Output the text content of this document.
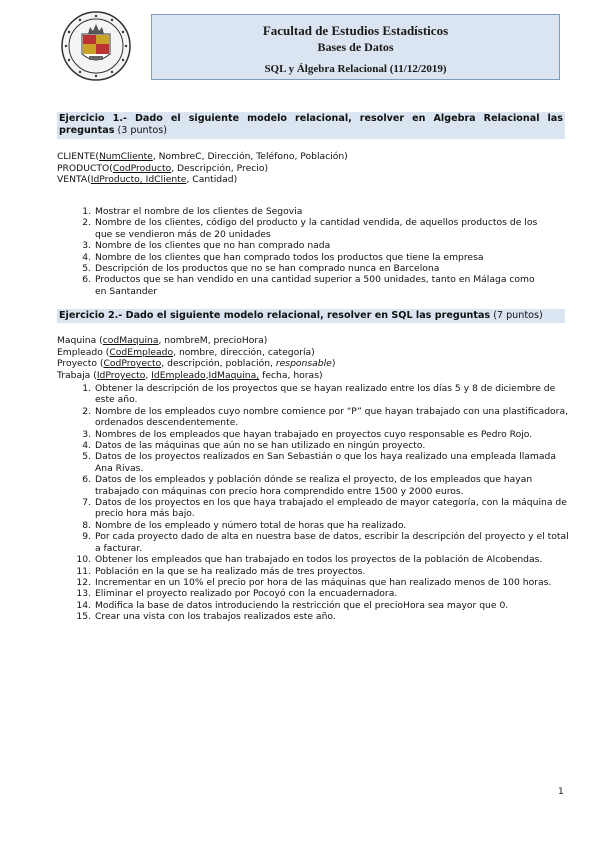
Facultad de Estudios Estadísticos
Bases de Datos
SQL y Álgebra Relacional (11/12/2019)
Ejercicio 1.- Dado el siguiente modelo relacional, resolver en Algebra Relacional las preguntas (3 puntos)
CLIENTE(NumCliente, NombreC, Dirección, Teléfono, Población)
PRODUCTO(CodProducto, Descripción, Precio)
VENTA(IdProducto, IdCliente, Cantidad)
1. Mostrar el nombre de los clientes de Segovia
2. Nombre de los clientes, código del producto y la cantidad vendida, de aquellos productos de los que se vendieron más de 20 unidades
3. Nombre de los clientes que no han comprado nada
4. Nombre de los clientes que han comprado todos los productos que tiene la empresa
5. Descripción de los productos que no se han comprado nunca en Barcelona
6. Productos que se han vendido en una cantidad superior a 500 unidades, tanto en Málaga como en Santander
Ejercicio 2.- Dado el siguiente modelo relacional, resolver en SQL las preguntas (7 puntos)
Maquina (codMaquina, nombreM, precioHora)
Empleado (CodEmpleado, nombre, dirección, categoría)
Proyecto (CodProyecto, descripción, población, responsable)
Trabaja (IdProyecto, IdEmpleado,IdMaquina, fecha, horas)
1. Obtener la descripción de los proyectos que se hayan realizado entre los días 5 y 8 de diciembre de este año.
2. Nombre de los empleados cuyo nombre comience por “P” que hayan trabajado con una plastificadora, ordenados descendentemente.
3. Nombres de los empleados que hayan trabajado en proyectos cuyo responsable es Pedro Rojo.
4. Datos de las máquinas que aún no se han utilizado en ningún proyecto.
5. Datos de los proyectos realizados en San Sebastián o que los haya realizado una empleada llamada Ana Rivas.
6. Datos de los empleados y población dónde se realiza el proyecto, de los empleados que hayan trabajado con máquinas con precio hora comprendido entre 1500 y 2000 euros.
7. Datos de los proyectos en los que haya trabajado el empleado de mayor categoría, con la máquina de precio hora más bajo.
8. Nombre de los empleado y número total de horas que ha realizado.
9. Por cada proyecto dado de alta en nuestra base de datos, escribir la descripción del proyecto y el total a facturar.
10. Obtener los empleados que han trabajado en todos los proyectos de la población de Alcobendas.
11. Población en la que se ha realizado más de tres proyectos.
12. Incrementar en un 10% el precio por hora de las máquinas que han realizado menos de 100 horas.
13. Eliminar el proyecto realizado por Pocoyó con la encuadernadora.
14. Modifica la base de datos introduciendo la restricción que el precioHora sea mayor que 0.
15. Crear una vista con los trabajos realizados este año.
1
